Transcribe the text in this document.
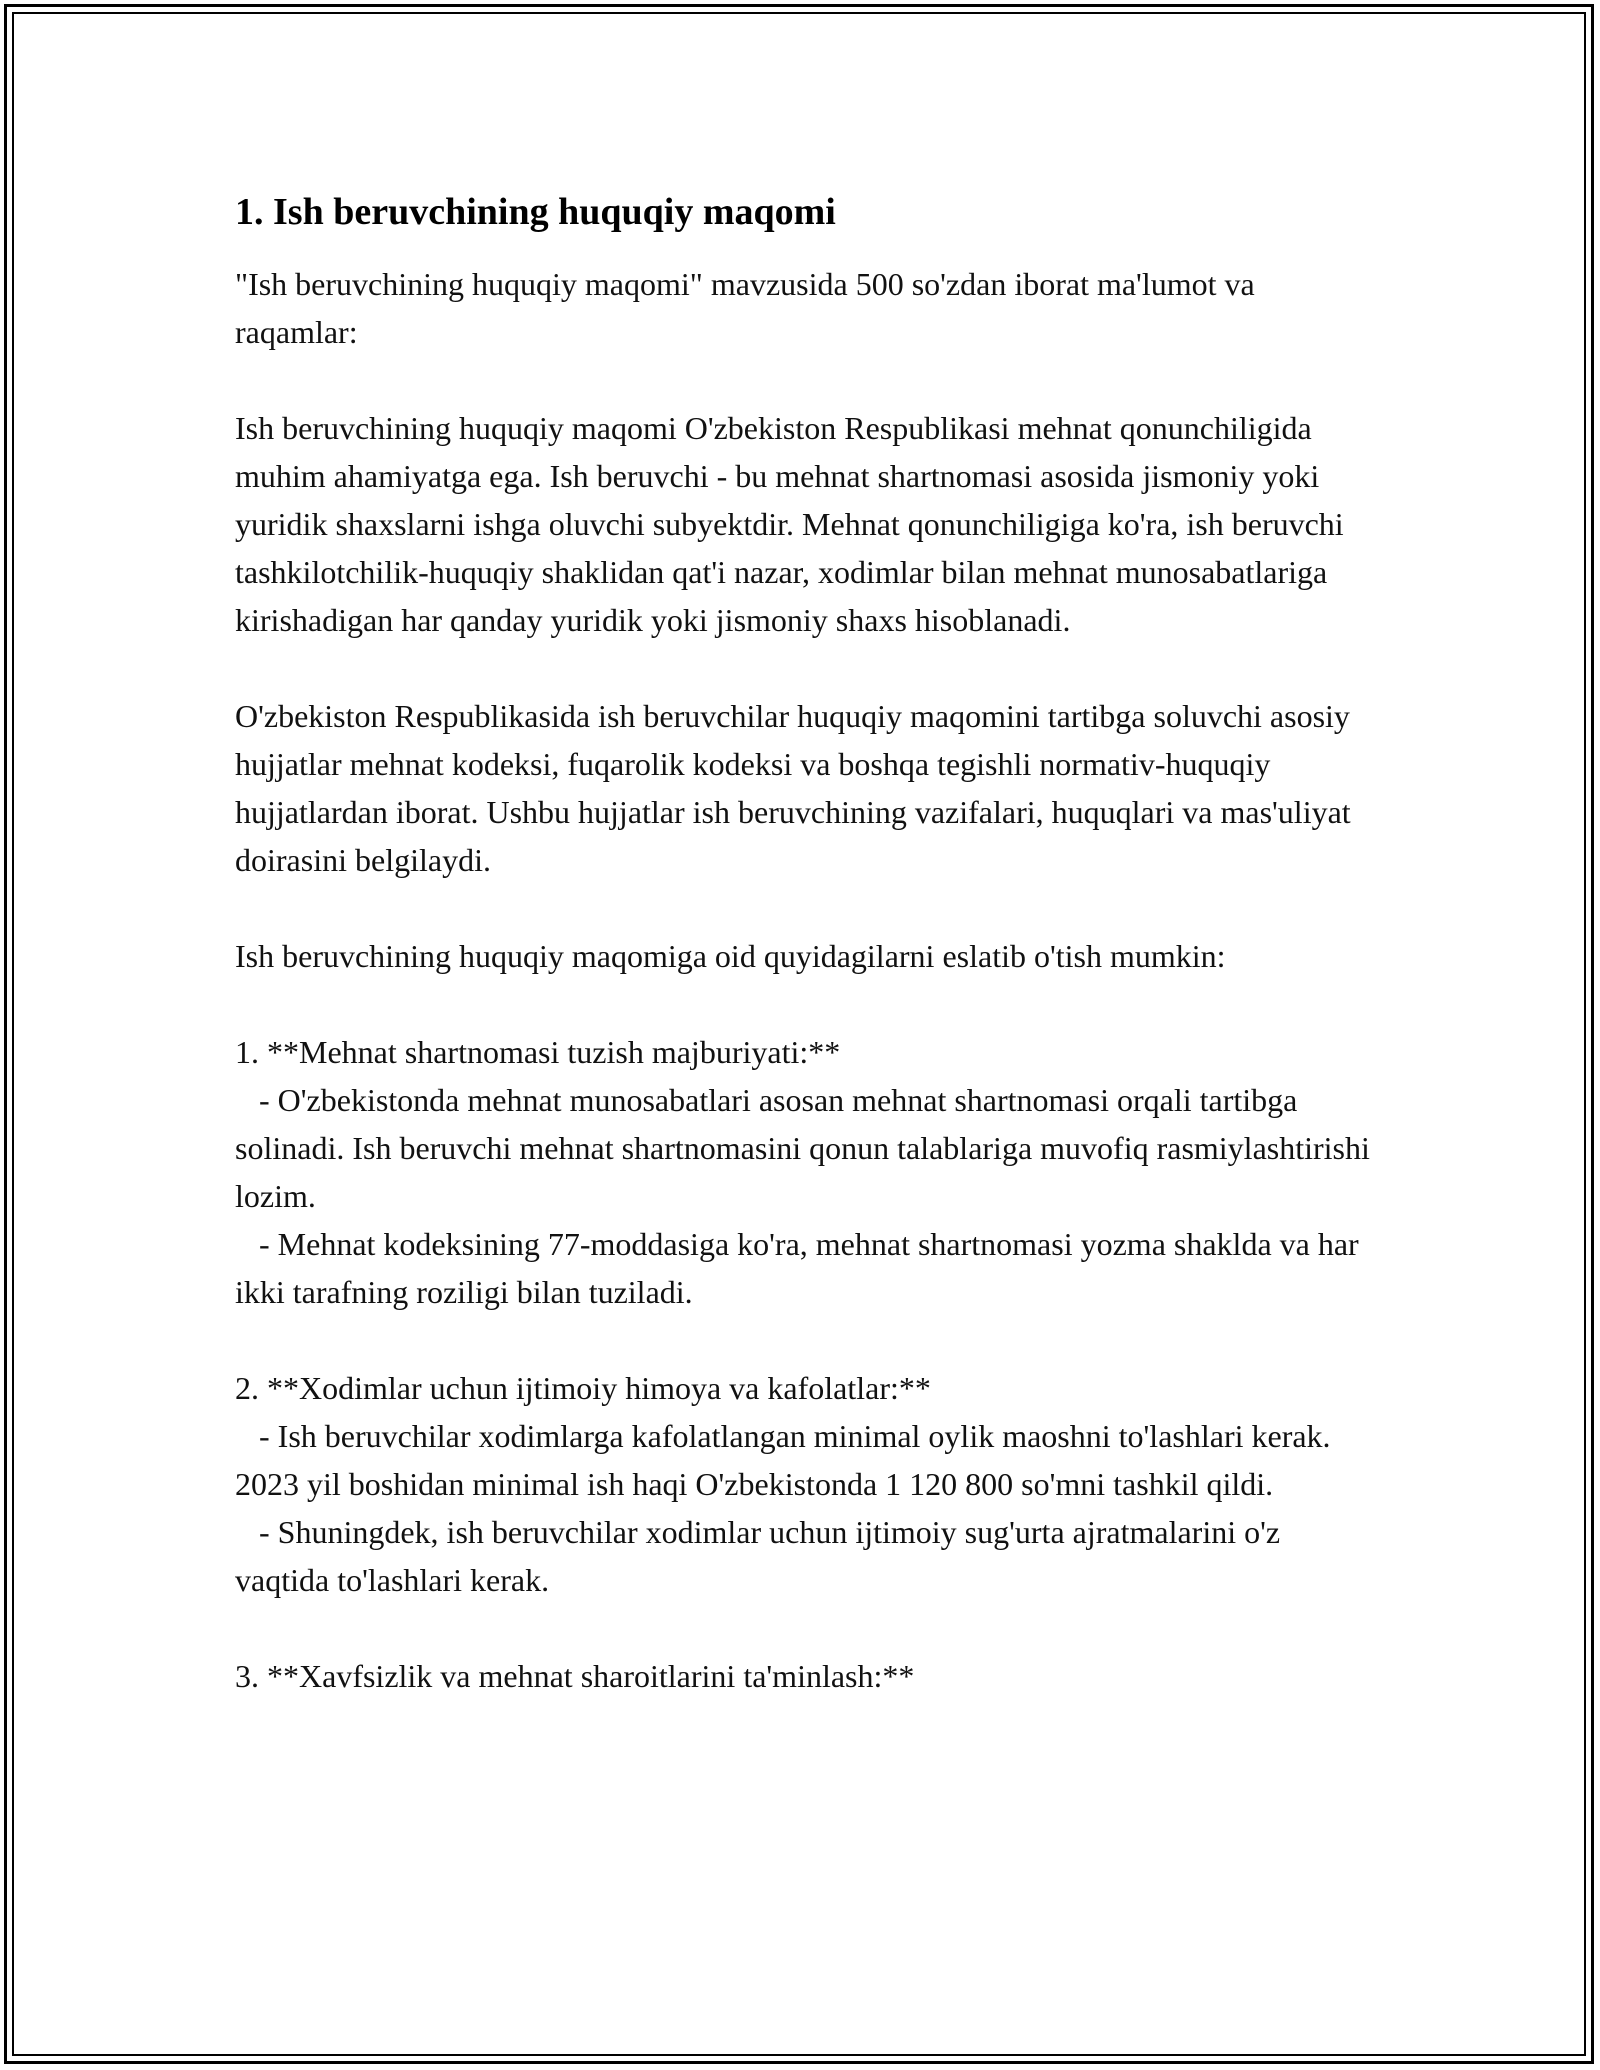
1. Ish beruvchining huquqiy maqomi

"Ish beruvchining huquqiy maqomi" mavzusida 500 so'zdan iborat ma'lumot va raqamlar:

Ish beruvchining huquqiy maqomi O'zbekiston Respublikasi mehnat qonunchiligida muhim ahamiyatga ega. Ish beruvchi - bu mehnat shartnomasi asosida jismoniy yoki yuridik shaxslarni ishga oluvchi subyektdir. Mehnat qonunchiligiga ko'ra, ish beruvchi tashkilotchilik-huquqiy shaklidan qat'i nazar, xodimlar bilan mehnat munosabatlariga kirishadigan har qanday yuridik yoki jismoniy shaxs hisoblanadi.

O'zbekiston Respublikasida ish beruvchilar huquqiy maqomini tartibga soluvchi asosiy hujjatlar mehnat kodeksi, fuqarolik kodeksi va boshqa tegishli normativ-huquqiy hujjatlardan iborat. Ushbu hujjatlar ish beruvchining vazifalari, huquqlari va mas'uliyat doirasini belgilaydi.

Ish beruvchining huquqiy maqomiga oid quyidagilarni eslatib o'tish mumkin:

1. **Mehnat shartnomasi tuzish majburiyati:**
- O'zbekistonda mehnat munosabatlari asosan mehnat shartnomasi orqali tartibga solinadi. Ish beruvchi mehnat shartnomasini qonun talablariga muvofiq rasmiylashtirishi lozim.
- Mehnat kodeksining 77-moddasiga ko'ra, mehnat shartnomasi yozma shaklda va har ikki tarafning roziligi bilan tuziladi.

2. **Xodimlar uchun ijtimoiy himoya va kafolatlar:**
- Ish beruvchilar xodimlarga kafolatlangan minimal oylik maoshni to'lashlari kerak. 2023 yil boshidan minimal ish haqi O'zbekistonda 1 120 800 so'mni tashkil qildi.
- Shuningdek, ish beruvchilar xodimlar uchun ijtimoiy sug'urta ajratmalarini o'z vaqtida to'lashlari kerak.

3. **Xavfsizlik va mehnat sharoitlarini ta'minlash:**
